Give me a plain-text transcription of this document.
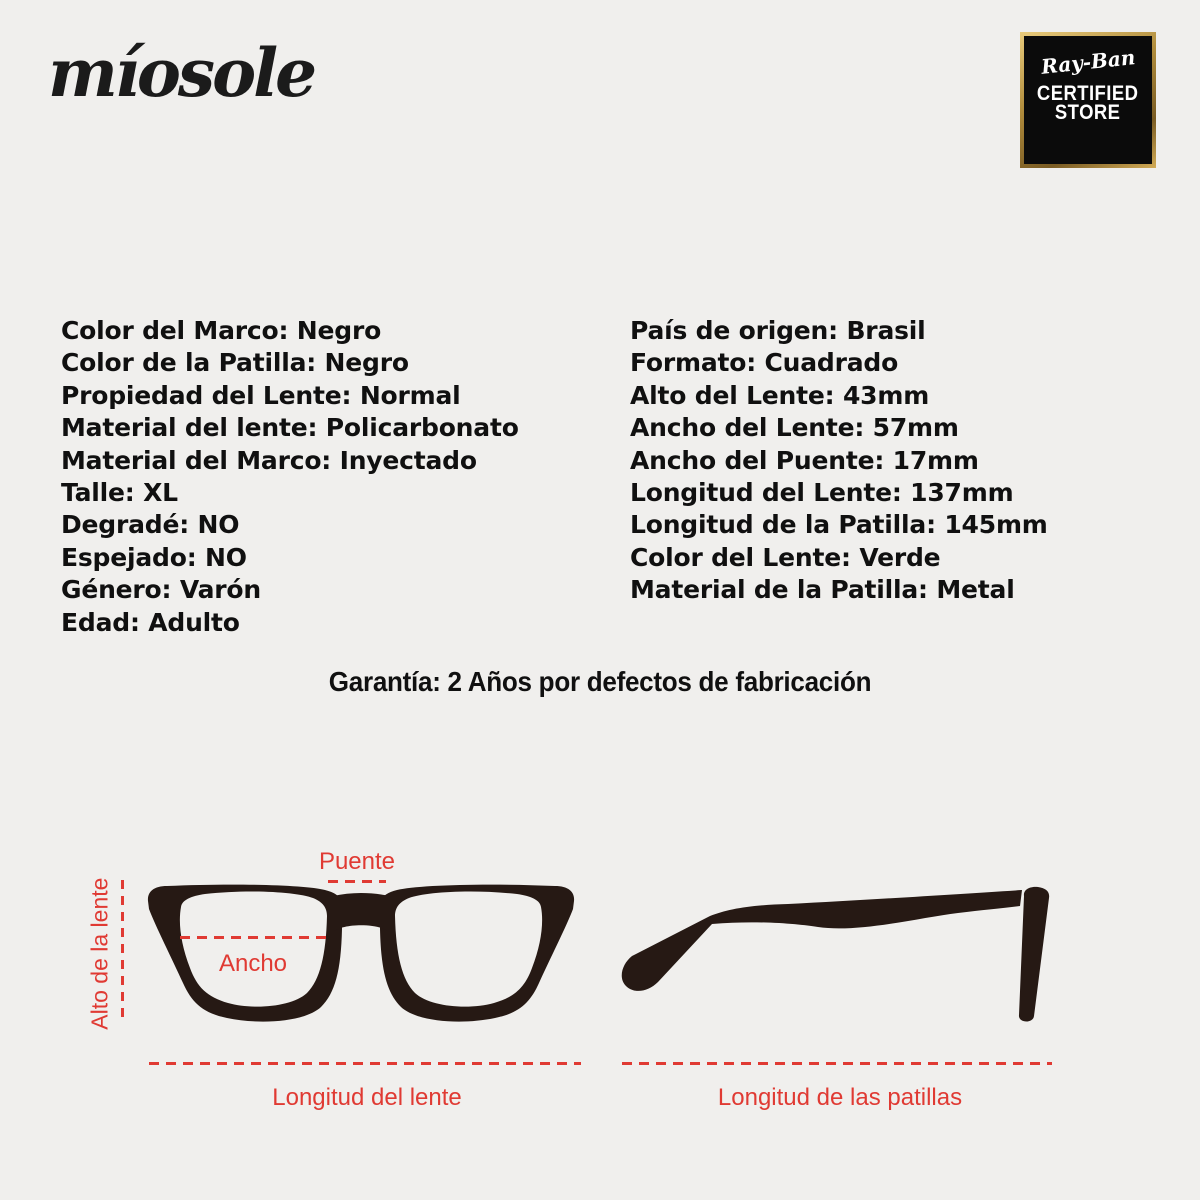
míosole	Ray-Ban
CERTIFIED
STORE
Color del Marco: Negro
Color de la Patilla: Negro
Propiedad del Lente: Normal
Material del lente: Policarbonato
Material del Marco: Inyectado
Talle: XL
Degradé: NO
Espejado: NO
Género: Varón
Edad: Adulto
País de origen: Brasil
Formato: Cuadrado
Alto del Lente: 43mm
Ancho del Lente: 57mm
Ancho del Puente: 17mm
Longitud del Lente: 137mm
Longitud de la Patilla: 145mm
Color del Lente: Verde
Material de la Patilla: Metal
Garantía: 2 Años por defectos de fabricación
Puente
Ancho
Alto de la lente
Longitud del lente	Longitud de las patillas
